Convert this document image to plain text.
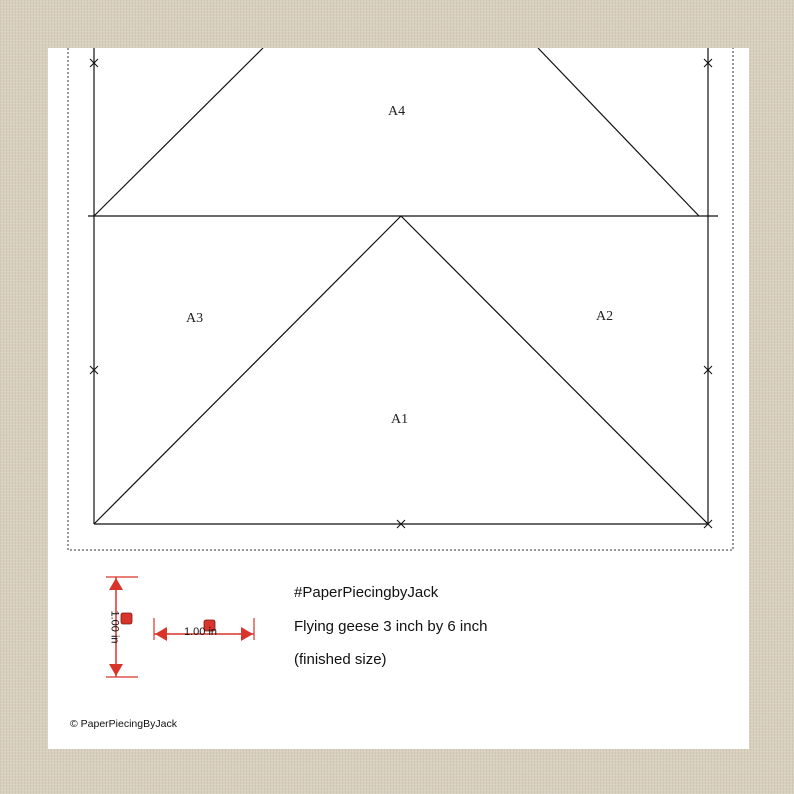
A4
A3	A2
A1
1.00 in
1.00 in
#PaperPiecingbyJack
Flying geese 3 inch by 6 inch
(finished size)
© PaperPiecingByJack
